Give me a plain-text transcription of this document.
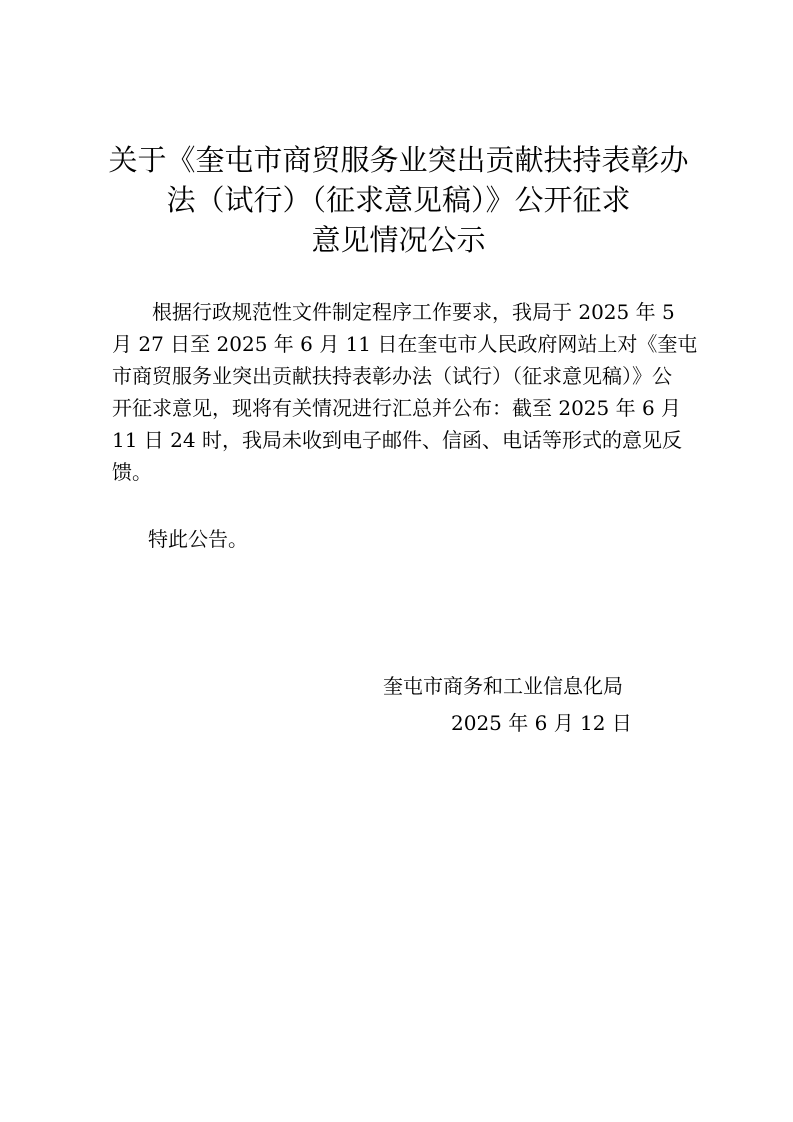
关于《奎屯市商贸服务业突出贡献扶持表彰办
法（试行）（征求意见稿）》公开征求
意见情况公示
根据行政规范性文件制定程序工作要求，我局于 2025 年 5
月 27 日至 2025 年 6 月 11 日在奎屯市人民政府网站上对《奎屯
市商贸服务业突出贡献扶持表彰办法（试行）（征求意见稿）》公
开征求意见，现将有关情况进行汇总并公布：截至 2025 年 6 月
11 日 24 时，我局未收到电子邮件、信函、电话等形式的意见反
馈。
特此公告。
奎屯市商务和工业信息化局
2025 年 6 月 12 日
